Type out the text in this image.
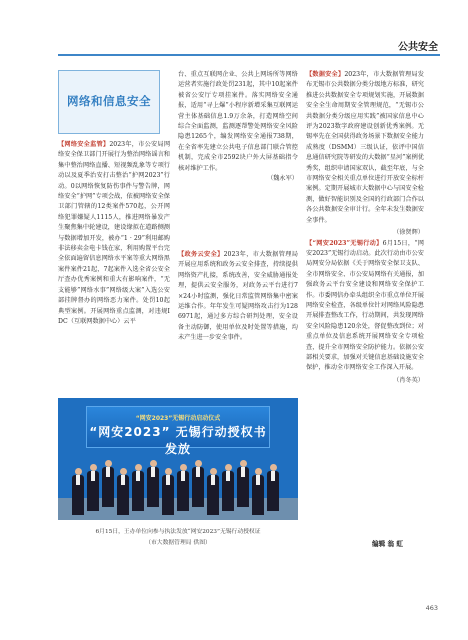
公共安全
网络和信息安全

【网络安全监管】2023年，市公安局网络安全保卫部门开展行为整治网络谣言和集中整治网络直播、短视频乱象等专项行动以及夏季治安打击整治“护网2023”行动。0以网络恢复防伤事件与警告牌，网络安全“护网”专项会战，依被网络安全保卫部门管辖的12类案件570起，公开网络犯罪嫌疑人1115人，推进网络暴发产生聚焦集中轮建设，建设缘拟在道路侧测与数据增加开发，被办“1 · 29”利用邮购非法移卖金电卡钱在家，利用购置平台完全依面遍留信息网络水平案等重大网络黑案件案件21起，7起案件入选全省公安全厅查办优秀案例和重大有影响案件，“无支能够”网络水事”网络级大案”入选公安部挂牌督办的网络恶力案件。处罚10起典型案例。开展网络重点监测，对违规IDC（互联网数据中心）云平

台、重点互联网企业、公共上网场所等网络运营者实施行政处罚231起，其中10起案件被省公安厅专项挂案件。落实网络安全通报，适用“寻上爆”小程序新增采集互联网运营主体基础信息1.9万余条，打造网络空间综合全面监测，监测逐帮警处网络安全风险隐患1265个，编发网络安全通报738期，在全省率先建立公共电子信息部门联合管控机制，完成全市2592块户外大屏基础指令核对维护工作。

（魏永军）

【政务云安全】2023年，市大数据管理局开展应用系统和政务云安全排查，持续提供网络资产扎接，系统改善，安全威胁通报处理，提供云安全服务，对政务云平台进行7×24小时监测，强化日常监管网络集中密案运维合作。年年发生可疑网络攻击行为1286971起，通过多方综合研判处理，安全设备主动防御，使用单位及时处置等措施，均未产生进一步安全事件。

【数据安全】2023年，市大数据管理局发布无锡市公共数据分类分级地方标准，研究推进公共数据安全专项规划实施，开展数据安全全生命周期安全管理规范，“无锡市公共数据分类分级应用实践”被国家信息中心评为2023数字政府建设创新优秀案例。无锡率先在全国获得政务场景下数据安全能力成熟度（DSMM）三级认证，依评中国信息通信研究院等研发的大数据“星河”案例优秀奖，组织申请国家双认，截至年底，与全市网络安全相关重点单位进行开放安全标杆案例。定期开展城市大数据中心与国安全检测，做好智能识别及全国的行政部门合作以各公共数据安全审计行。全年未发生数据安全事件。

（徐贤辉）

【“网安2023”无锡行动】6月15日，“网安2023”无锡行动启动。此次行动由市公安局网安分局依据《关于网络安全保卫支队、全市网络安全、市公安局网络有关通报，加强政务云平台安全建设和网络安全保护工作。市委网信办牵头组织全市重点单位开展网络安全检查，各级单位针对网络风险隐患开展排查整改工作，行动期间，共发现网络安全风险隐患120余处，督促整改到位；对重点单位及信息系统开展网络安全专项检查，提升全市网络安全防护能力。依据公安部相关要求，加强对关键信息基础设施安全保护，推动全市网络安全工作深入开展。

（肖冬英）

“网安2023”无锡行动启动仪式
“网安2023” 无锡行动授权书发放
6月15日，王办单位向参与执法发放“网安2023”无锡行动授权证
（市大数据管理局 供图）	编辑 翁 虹
463
